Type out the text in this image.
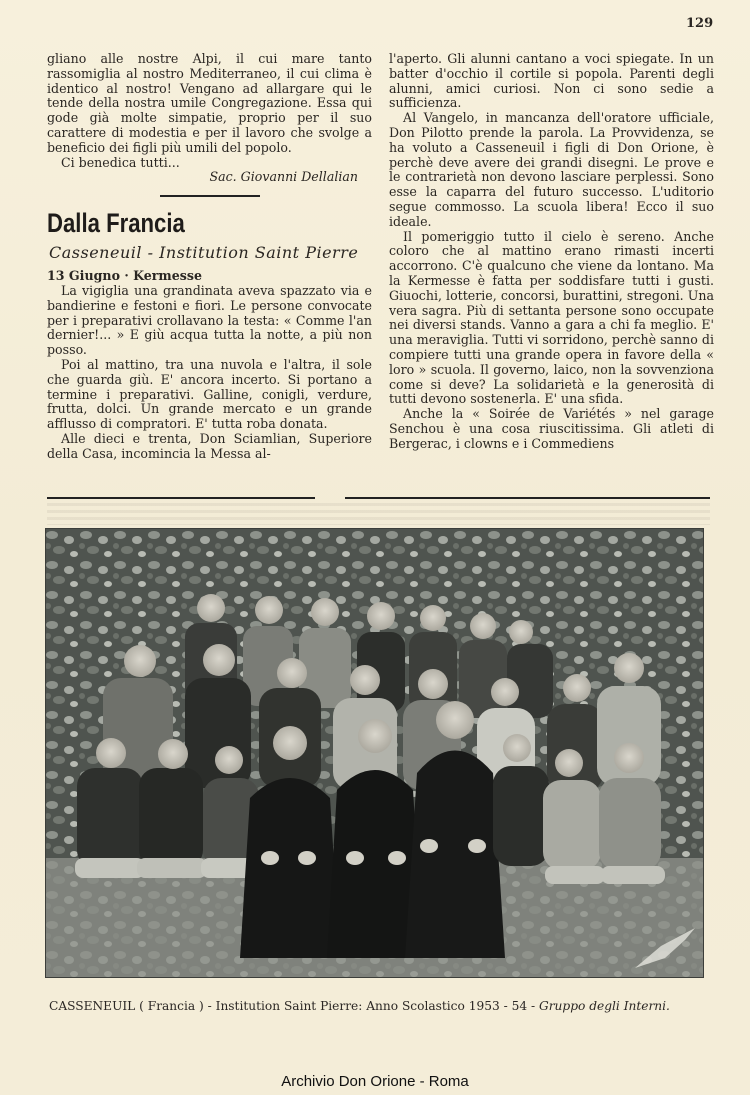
129

gliano alle nostre Alpi, il cui mare tanto rassomiglia al nostro Mediterraneo, il cui clima è identico al nostro! Vengano ad allargare qui le tende della nostra umile Congregazione. Essa qui gode già molte simpatie, proprio per il suo carattere di modestia e per il lavoro che svolge a beneficio dei figli più umili del popolo.

Ci benedica tutti...

Sac. Giovanni Dellalian

Dalla Francia
Casseneuil - Institution Saint Pierre

13 Giugno · Kermesse

La vigiglia una grandinata aveva spazzato via e bandierine e festoni e fiori. Le persone convocate per i preparativi crollavano la testa: « Comme l'an dernier!... » E giù acqua tutta la notte, a più non posso.

Poi al mattino, tra una nuvola e l'altra, il sole che guarda giù. E' ancora incerto. Si portano a termine i preparativi. Galline, conigli, verdure, frutta, dolci. Un grande mercato e un grande afflusso di compratori. E' tutta roba donata.

Alle dieci e trenta, Don Sciamlian, Superiore della Casa, incomincia la Messa al-

l'aperto. Gli alunni cantano a voci spiegate. In un batter d'occhio il cortile si popola. Parenti degli alunni, amici curiosi. Non ci sono sedie a sufficienza.

Al Vangelo, in mancanza dell'oratore ufficiale, Don Pilotto prende la parola. La Provvidenza, se ha voluto a Casseneuil i figli di Don Orione, è perchè deve avere dei grandi disegni. Le prove e le contrarietà non devono lasciare perplessi. Sono esse la caparra del futuro successo. L'uditorio segue commosso. La scuola libera! Ecco il suo ideale.

Il pomeriggio tutto il cielo è sereno. Anche coloro che al mattino erano rimasti incerti accorrono. C'è qualcuno che viene da lontano. Ma la Kermesse è fatta per soddisfare tutti i gusti. Giuochi, lotterie, concorsi, burattini, stregoni. Una vera sagra. Più di settanta persone sono occupate nei diversi stands. Vanno a gara a chi fa meglio. E' una meraviglia. Tutti vi sorridono, perchè sanno di compiere tutti una grande opera in favore della « loro » scuola. Il governo, laico, non la sovvenziona come si deve? La solidarietà e la generosità di tutti devono sostenerla. E' una sfida.

Anche la « Soirée de Variétés » nel garage Senchou è una cosa riuscitissima. Gli atleti di Bergerac, i clowns e i Commediens

CASSENEUIL ( Francia ) - Institution Saint Pierre: Anno Scolastico 1953 - 54 - Gruppo degli Interni.
Archivio Don Orione - Roma
